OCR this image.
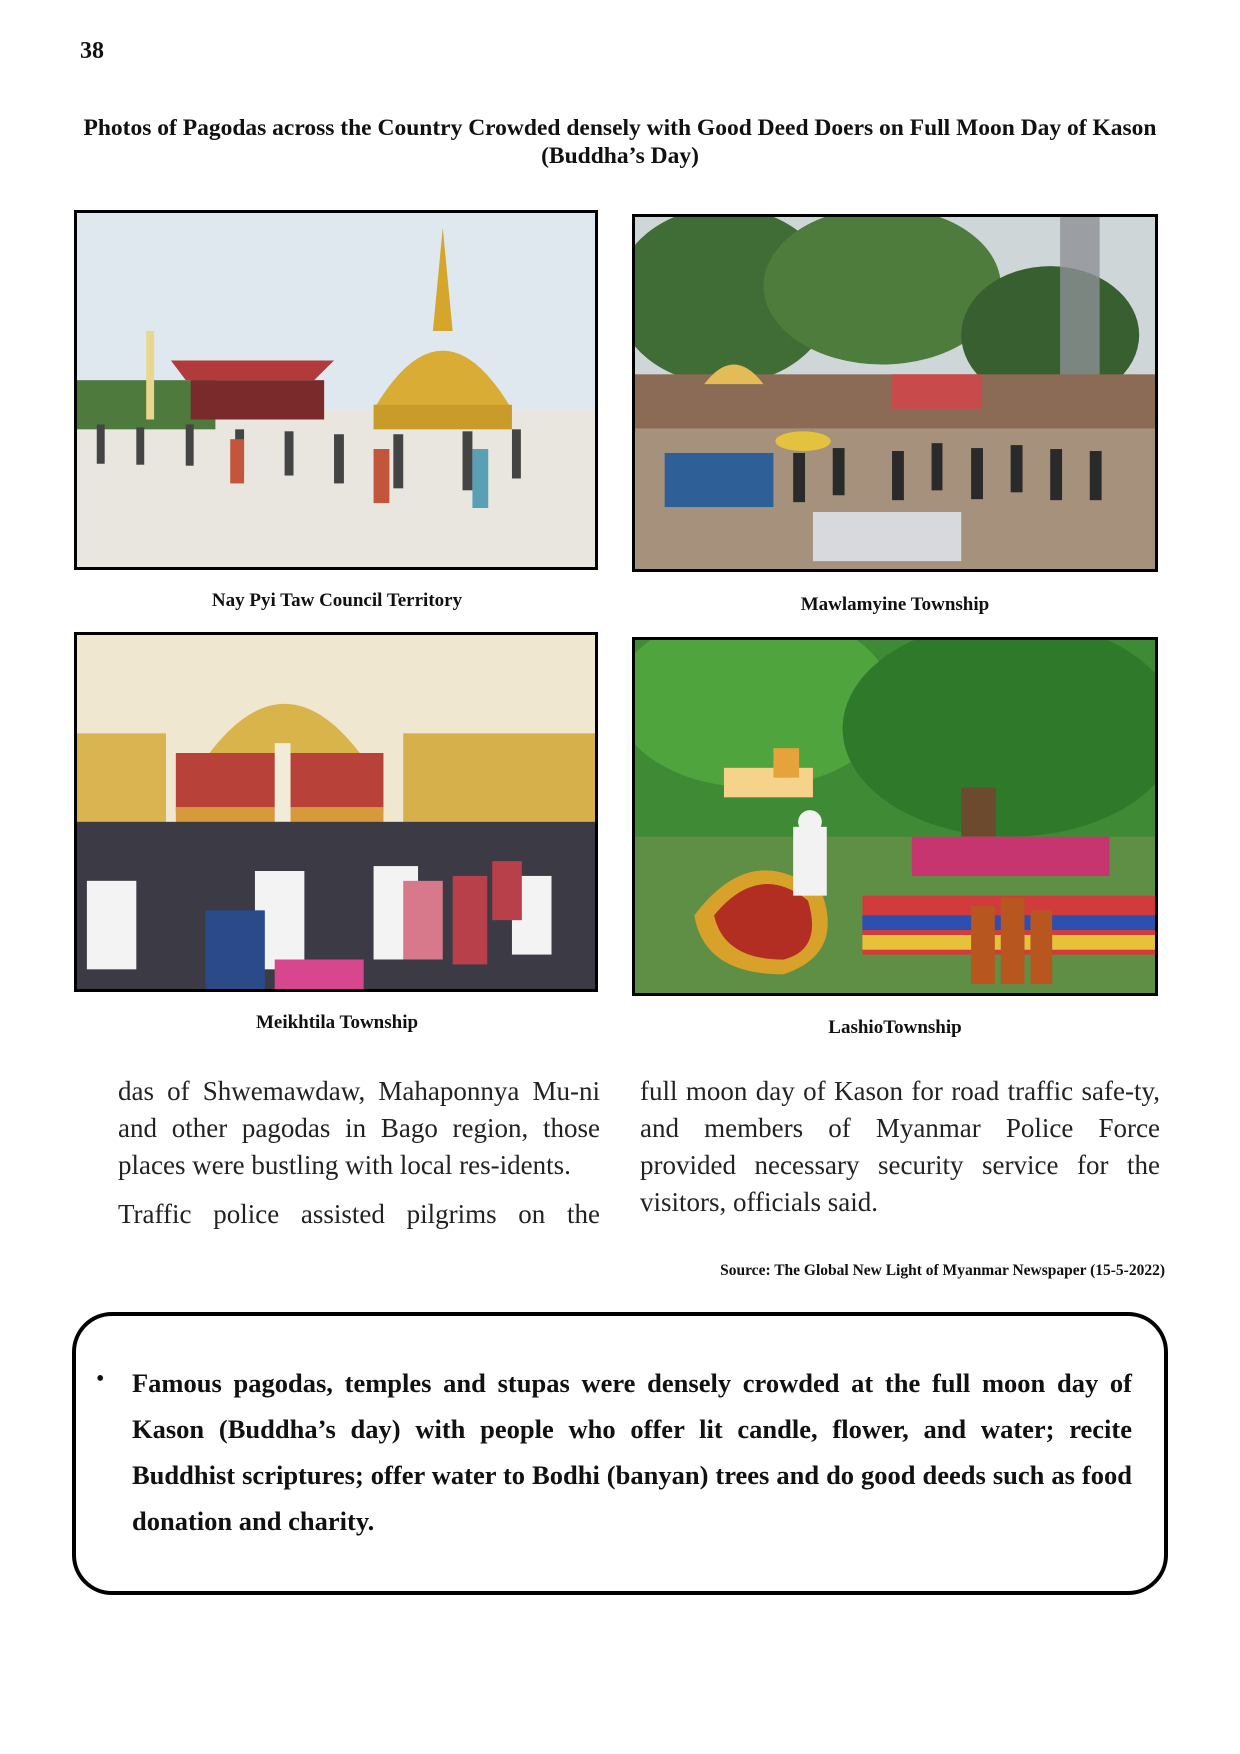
38
Photos of Pagodas across the Country Crowded densely with Good Deed Doers on Full Moon Day of Kason (Buddha’s Day)
Nay Pyi Taw Council Territory	Mawlamyine Township
Meikhtila Township	LashioTownship

das of Shwemawdaw, Mahaponnya Mu-ni and other pagodas in Bago region, those places were bustling with local res-idents.

Traffic police assisted pilgrims on the

full moon day of Kason for road traffic safe-ty, and members of Myanmar Police Force provided necessary security service for the visitors, officials said.

Source: The Global New Light of Myanmar Newspaper (15-5-2022)
• Famous pagodas, temples and stupas were densely crowded at the full moon day of Kason (Buddha’s day) with people who offer lit candle, flower, and water; recite Buddhist scriptures; offer water to Bodhi (banyan) trees and do good deeds such as food donation and charity.
